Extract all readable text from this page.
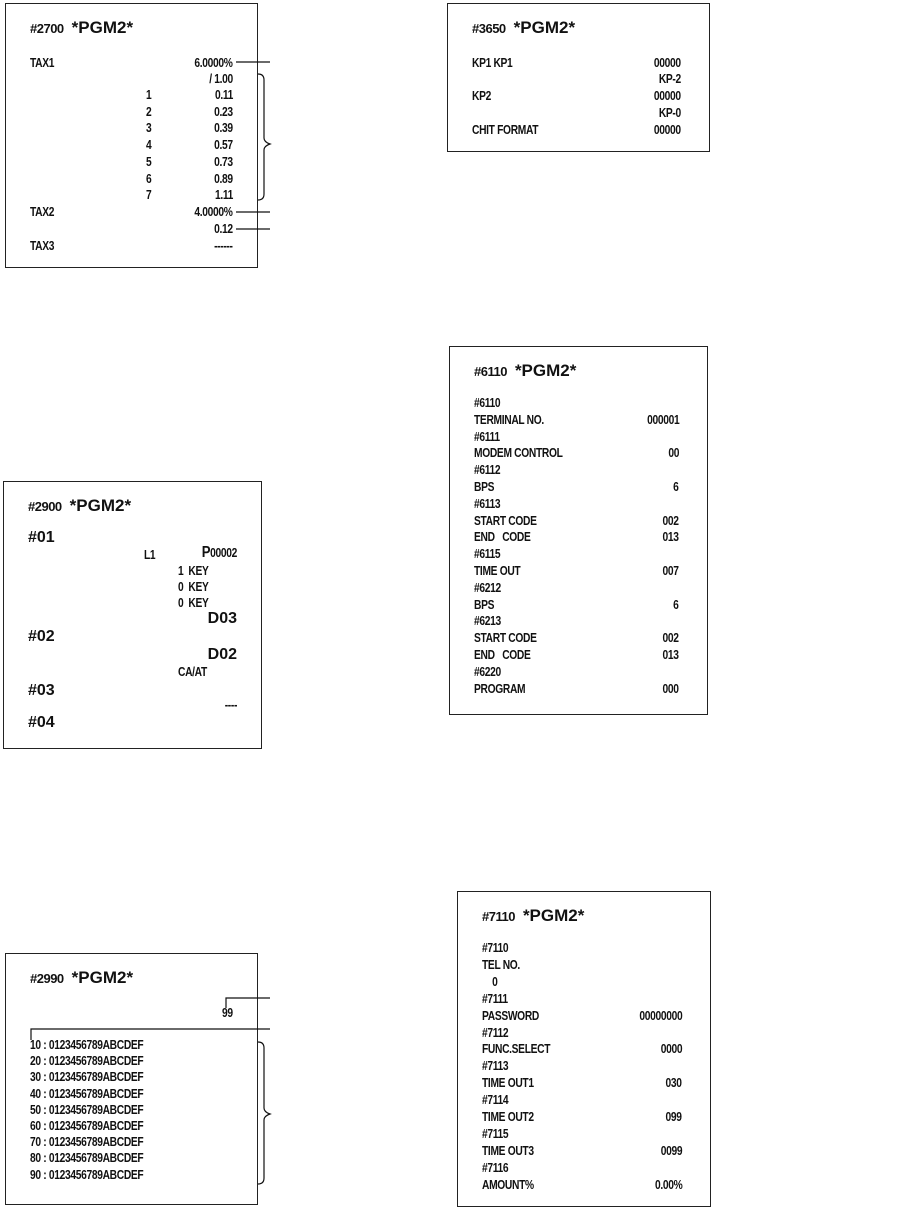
#2700 *PGM2*
TAX1	6.0000%
/ 1.00
1	0.11
2	0.23
3	0.39
4	0.57
5	0.73
6	0.89
7	1.11
TAX2	4.0000%
0.12
TAX3	------
#3650 *PGM2*
KP1 KP1	00000
KP-2
KP2	00000
KP-0
CHIT FORMAT	00000
#2900 *PGM2*
#01
L1	P00002
1  KEY
0  KEY
0  KEY
D03
#02
D02
CA/AT
#03
----
#04
#6110 *PGM2*
#6110
TERMINAL NO.	000001
#6111
MODEM CONTROL	00
#6112
BPS	6
#6113
START CODE	002
END   CODE	013
#6115
TIME OUT	007
#6212
BPS	6
#6213
START CODE	002
END   CODE	013
#6220
PROGRAM	000
#2990 *PGM2*
99
10 : 0123456789ABCDEF
20 : 0123456789ABCDEF
30 : 0123456789ABCDEF
40 : 0123456789ABCDEF
50 : 0123456789ABCDEF
60 : 0123456789ABCDEF
70 : 0123456789ABCDEF
80 : 0123456789ABCDEF
90 : 0123456789ABCDEF
#7110 *PGM2*
#7110
TEL NO.
0
#7111
PASSWORD	00000000
#7112
FUNC.SELECT	0000
#7113
TIME OUT1	030
#7114
TIME OUT2	099
#7115
TIME OUT3	0099
#7116
AMOUNT%	0.00%
